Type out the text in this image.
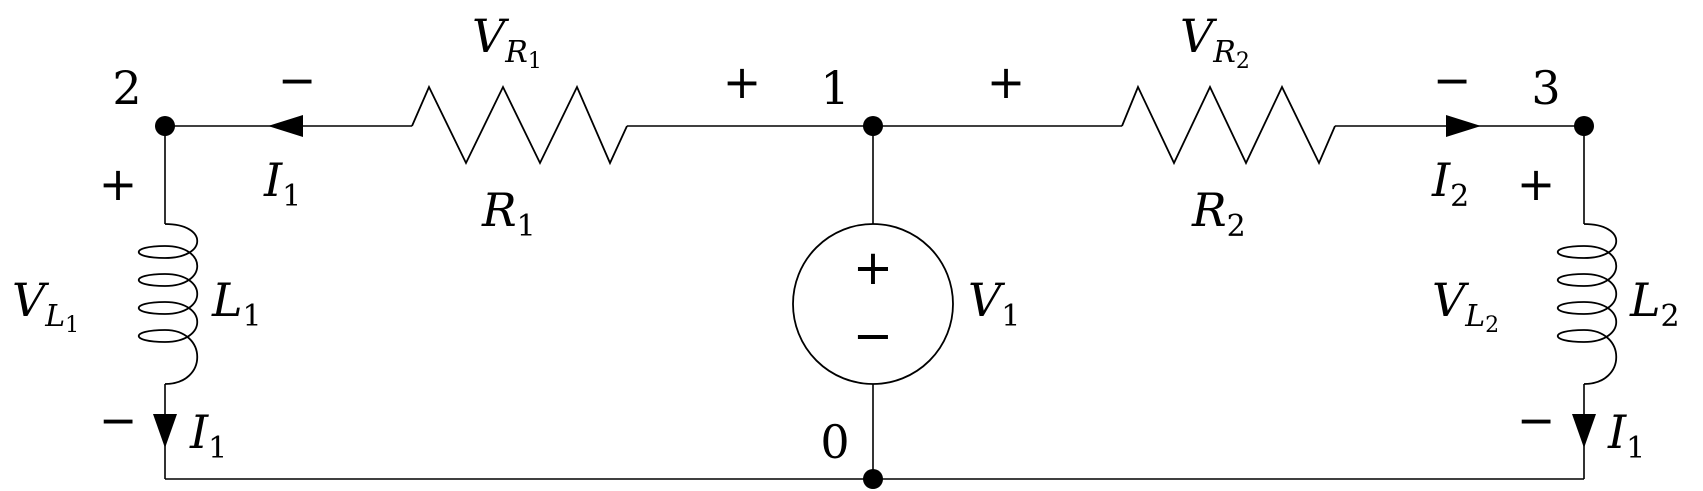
+
−
2	1	3
0
−	+	+	−
+
−
+
−
$V_R1$	$V_R2$
$V_L1$	$V_L2$
$R_1$	$R_2$
$L_1$	$L_2$
$V_1$
$I_1$	$I_2$
$I_1$	$I_1$
